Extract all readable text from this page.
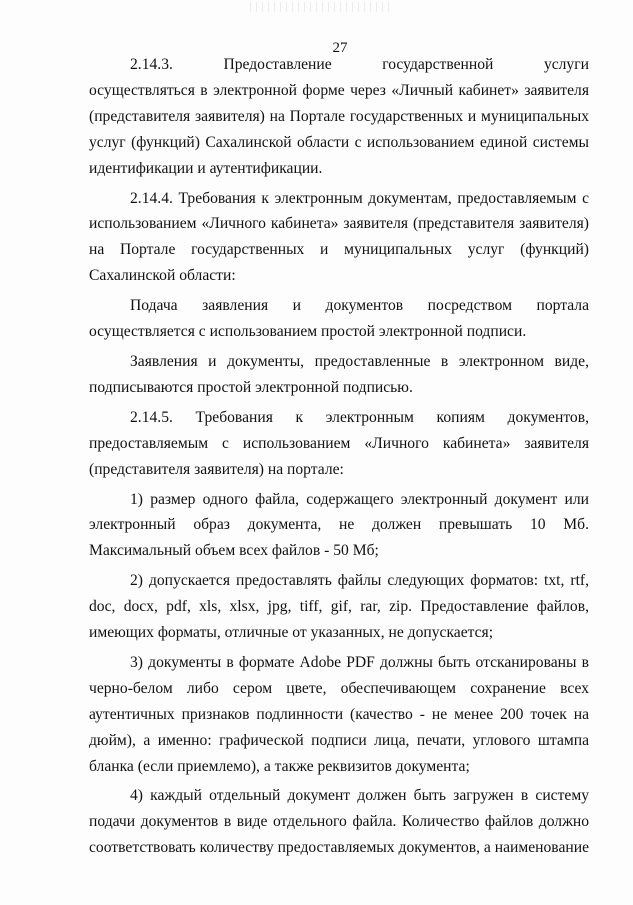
27
2.14.3.	Предоставление	государственной	услуги

осуществляться в электронной форме через «Личный кабинет» заявителя (представителя заявителя) на Портале государственных и муниципальных услуг (функций) Сахалинской области с использованием единой системы идентификации и аутентификации.

2.14.4. Требования к электронным документам, предоставляемым с использованием «Личного кабинета» заявителя (представителя заявителя) на Портале государственных и муниципальных услуг (функций) Сахалинской области:

Подача заявления и документов посредством портала осуществляется с использованием простой электронной подписи.

Заявления и документы, предоставленные в электронном виде, подписываются простой электронной подписью.

2.14.5. Требования к электронным копиям документов,

предоставляемым с использованием «Личного кабинета» заявителя (представителя заявителя) на портале:

1) размер одного файла, содержащего электронный документ или электронный образ документа, не должен превышать 10 Мб. Максимальный объем всех файлов - 50 Мб;

2) допускается предоставлять файлы следующих форматов: txt, rtf, doc, docx, pdf, xls, xlsx, jpg, tiff, gif, rar, zip. Предоставление файлов, имеющих форматы, отличные от указанных, не допускается;

3) документы в формате Adobe PDF должны быть отсканированы в черно-белом либо сером цвете, обеспечивающем сохранение всех аутентичных признаков подлинности (качество - не менее 200 точек на дюйм), а именно: графической подписи лица, печати, углового штампа бланка (если приемлемо), а также реквизитов документа;

4) каждый отдельный документ должен быть загружен в систему подачи документов в виде отдельного файла. Количество файлов должно соответствовать количеству предоставляемых документов, а наименование
